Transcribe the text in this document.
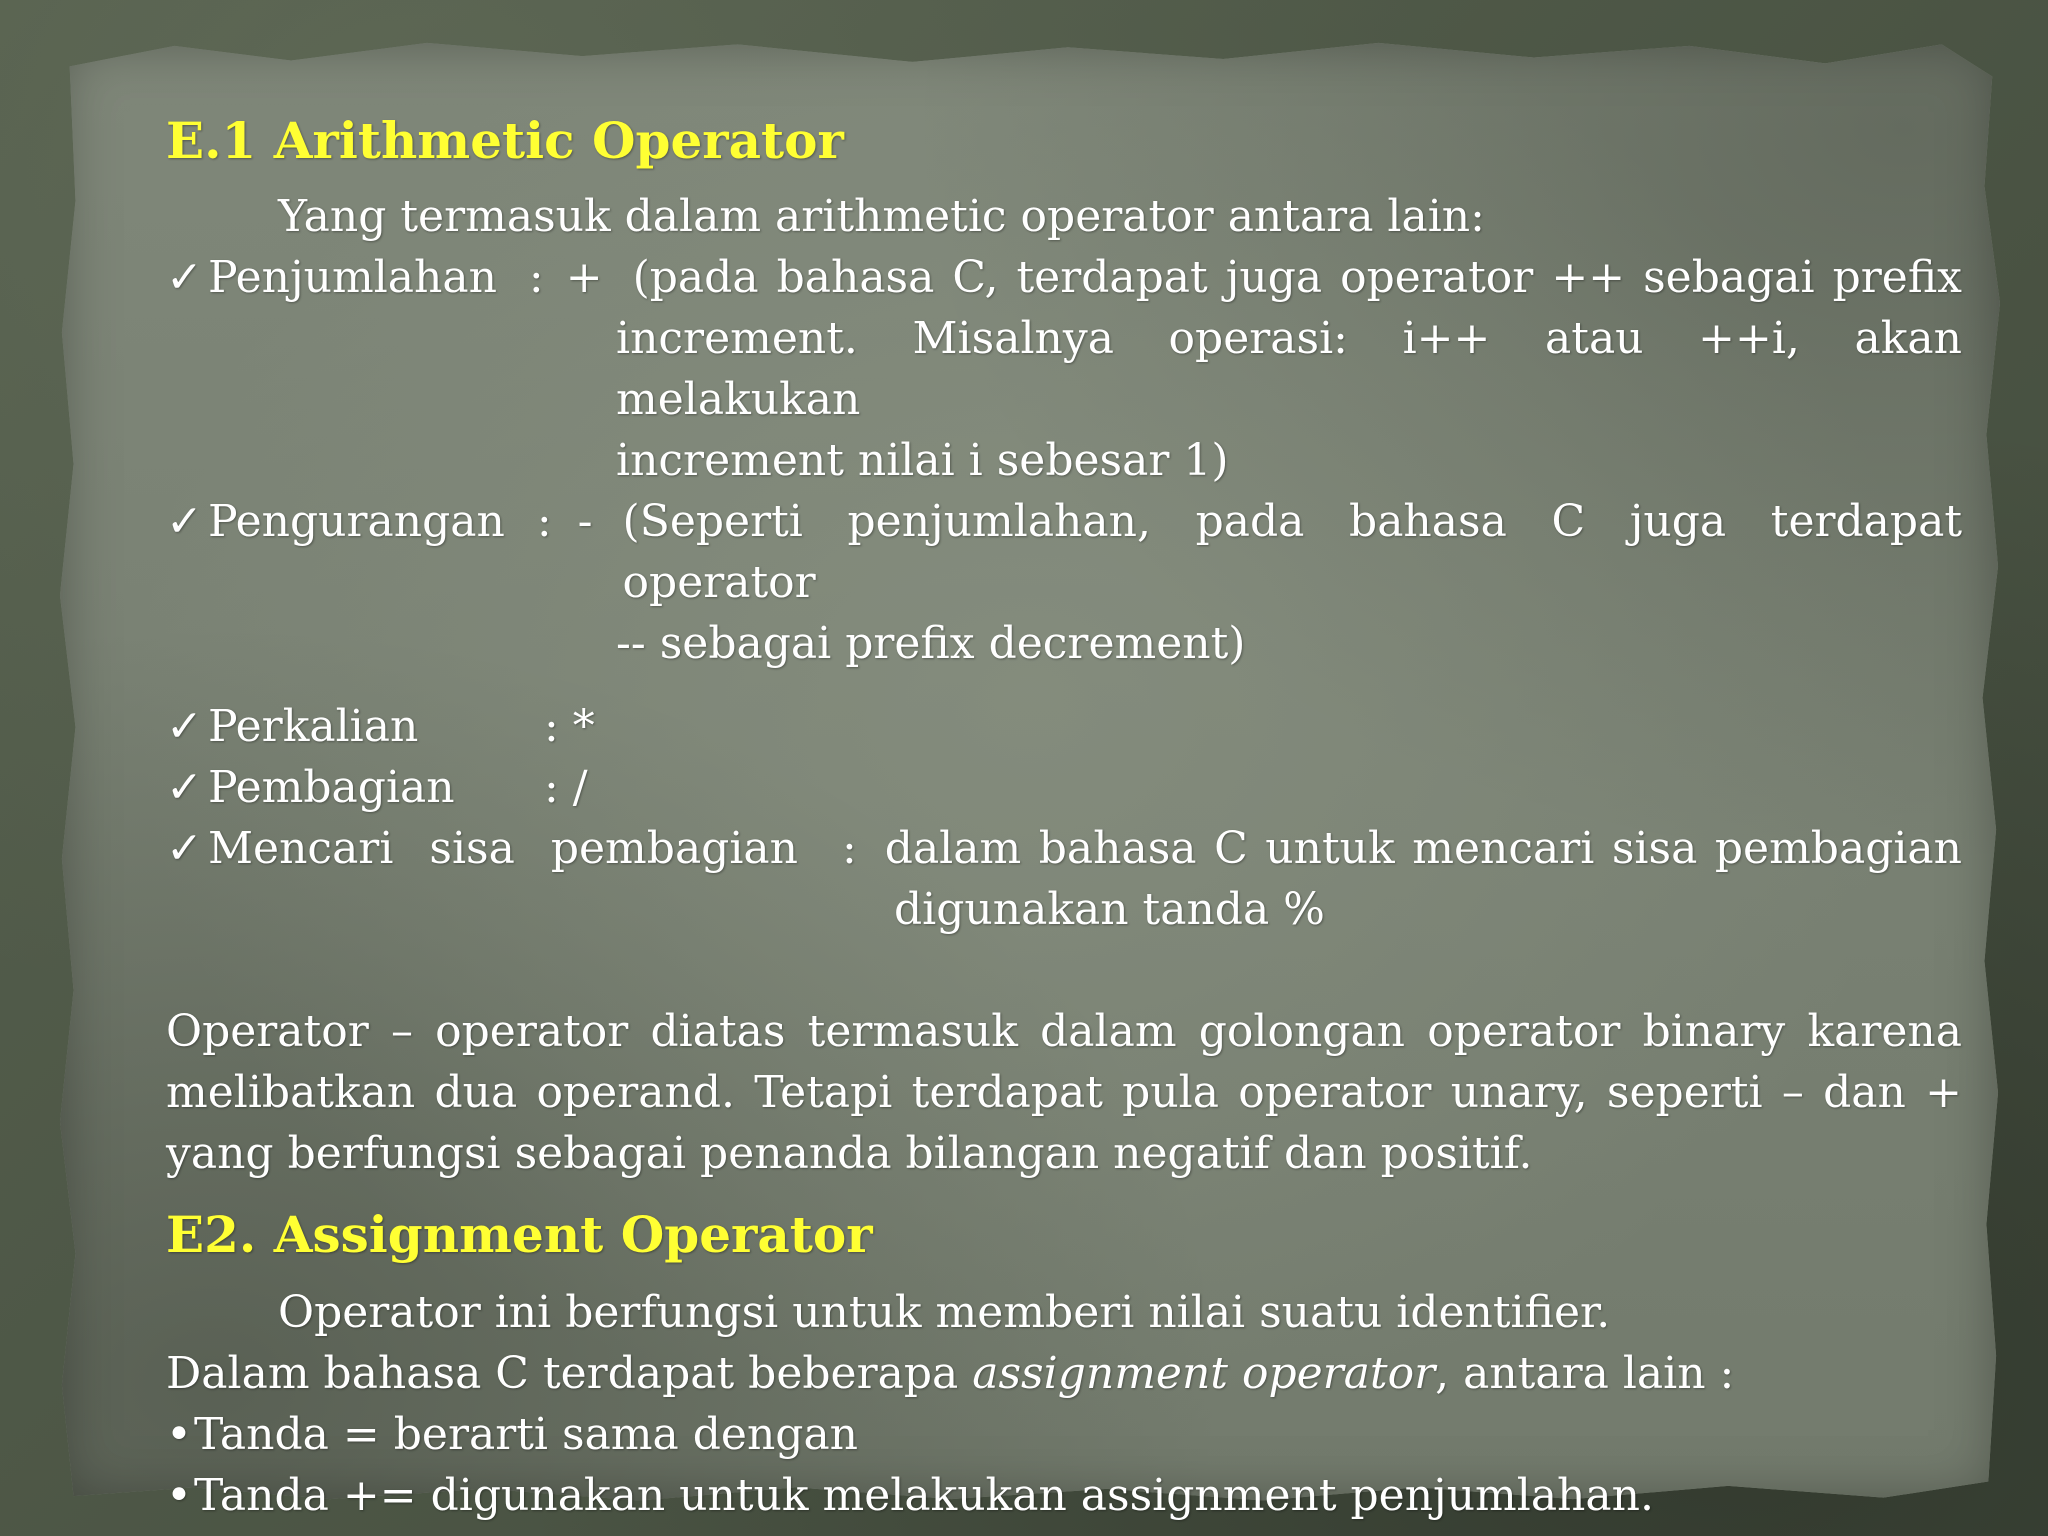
E.1 Arithmetic Operator
Yang termasuk dalam arithmetic operator antara lain:
✓ Penjumlahan : + (pada bahasa C, terdapat juga operator ++ sebagai prefix
increment. Misalnya operasi: i++ atau ++i, akan melakukan
increment nilai i sebesar 1)
✓ Pengurangan : - (Seperti penjumlahan, pada bahasa C juga terdapat operator
-- sebagai prefix decrement)
✓ Perkalian	: *
✓ Pembagian	: /
✓ Mencari sisa pembagian : dalam bahasa C untuk mencari sisa pembagian
digunakan tanda %
Operator – operator diatas termasuk dalam golongan operator binary karena
melibatkan dua operand. Tetapi terdapat pula operator unary, seperti – dan +
yang berfungsi sebagai penanda bilangan negatif dan positif.
E2. Assignment Operator
Operator ini berfungsi untuk memberi nilai suatu identifier.
Dalam bahasa C terdapat beberapa assignment operator, antara lain :
• Tanda = berarti sama dengan
• Tanda += digunakan untuk melakukan assignment penjumlahan.
